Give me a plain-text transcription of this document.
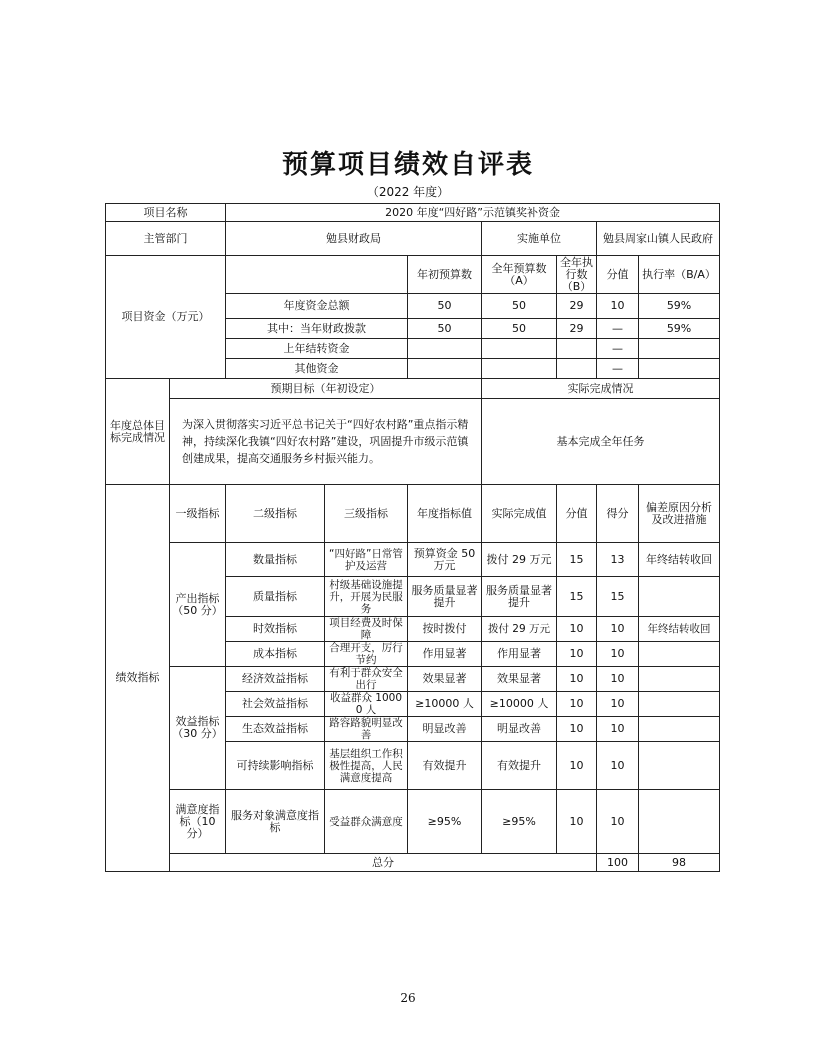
预算项目绩效自评表
（2022 年度）
项目名称		2020 年度“四好路”示范镇奖补资金							
主管部门		勉县财政局			实施单位		勉县周家山镇人民政府		
项目资金（万元）				年初预算数	全年预算数（A）	全年执行数（B）	分值	执行率（B/A）	
		年度资金总额		50	50	29	10	59%	
		其中：当年财政拨款		50	50	29	—	59%	
		上年结转资金					—		
		其他资金					—		
年度总体目标完成情况	预期目标（年初设定）				实际完成情况				
	为深入贯彻落实习近平总书记关于“四好农村路”重点指示精神，持续深化我镇“四好农村路”建设，巩固提升市级示范镇创建成果，提高交通服务乡村振兴能力。				基本完成全年任务				
绩效指标	一级指标	二级指标	三级指标	年度指标值	实际完成值	分值	得分	偏差原因分析及改进措施	
	产出指标（50 分）	数量指标	“四好路”日常管护及运营	预算资金 50 万元	拨付 29 万元	15	13	年终结转收回	
		质量指标	村级基础设施提升，开展为民服务	服务质量显著提升	服务质量显著提升	15	15		
		时效指标	项目经费及时保障	按时拨付	拨付 29 万元	10	10	年终结转收回	
		成本指标	合理开支，厉行节约	作用显著	作用显著	10	10		
	效益指标（30 分）	经济效益指标	有利于群众安全出行	效果显著	效果显著	10	10		
		社会效益指标	收益群众 10000 人	≥10000 人	≥10000 人	10	10		
		生态效益指标	路容路貌明显改善	明显改善	明显改善	10	10		
		可持续影响指标	基层组织工作积极性提高，人民满意度提高	有效提升	有效提升	10	10		
	满意度指标（10 分）	服务对象满意度指标	受益群众满意度	≥95%	≥95%	10	10		
	总分						100	98	
26
